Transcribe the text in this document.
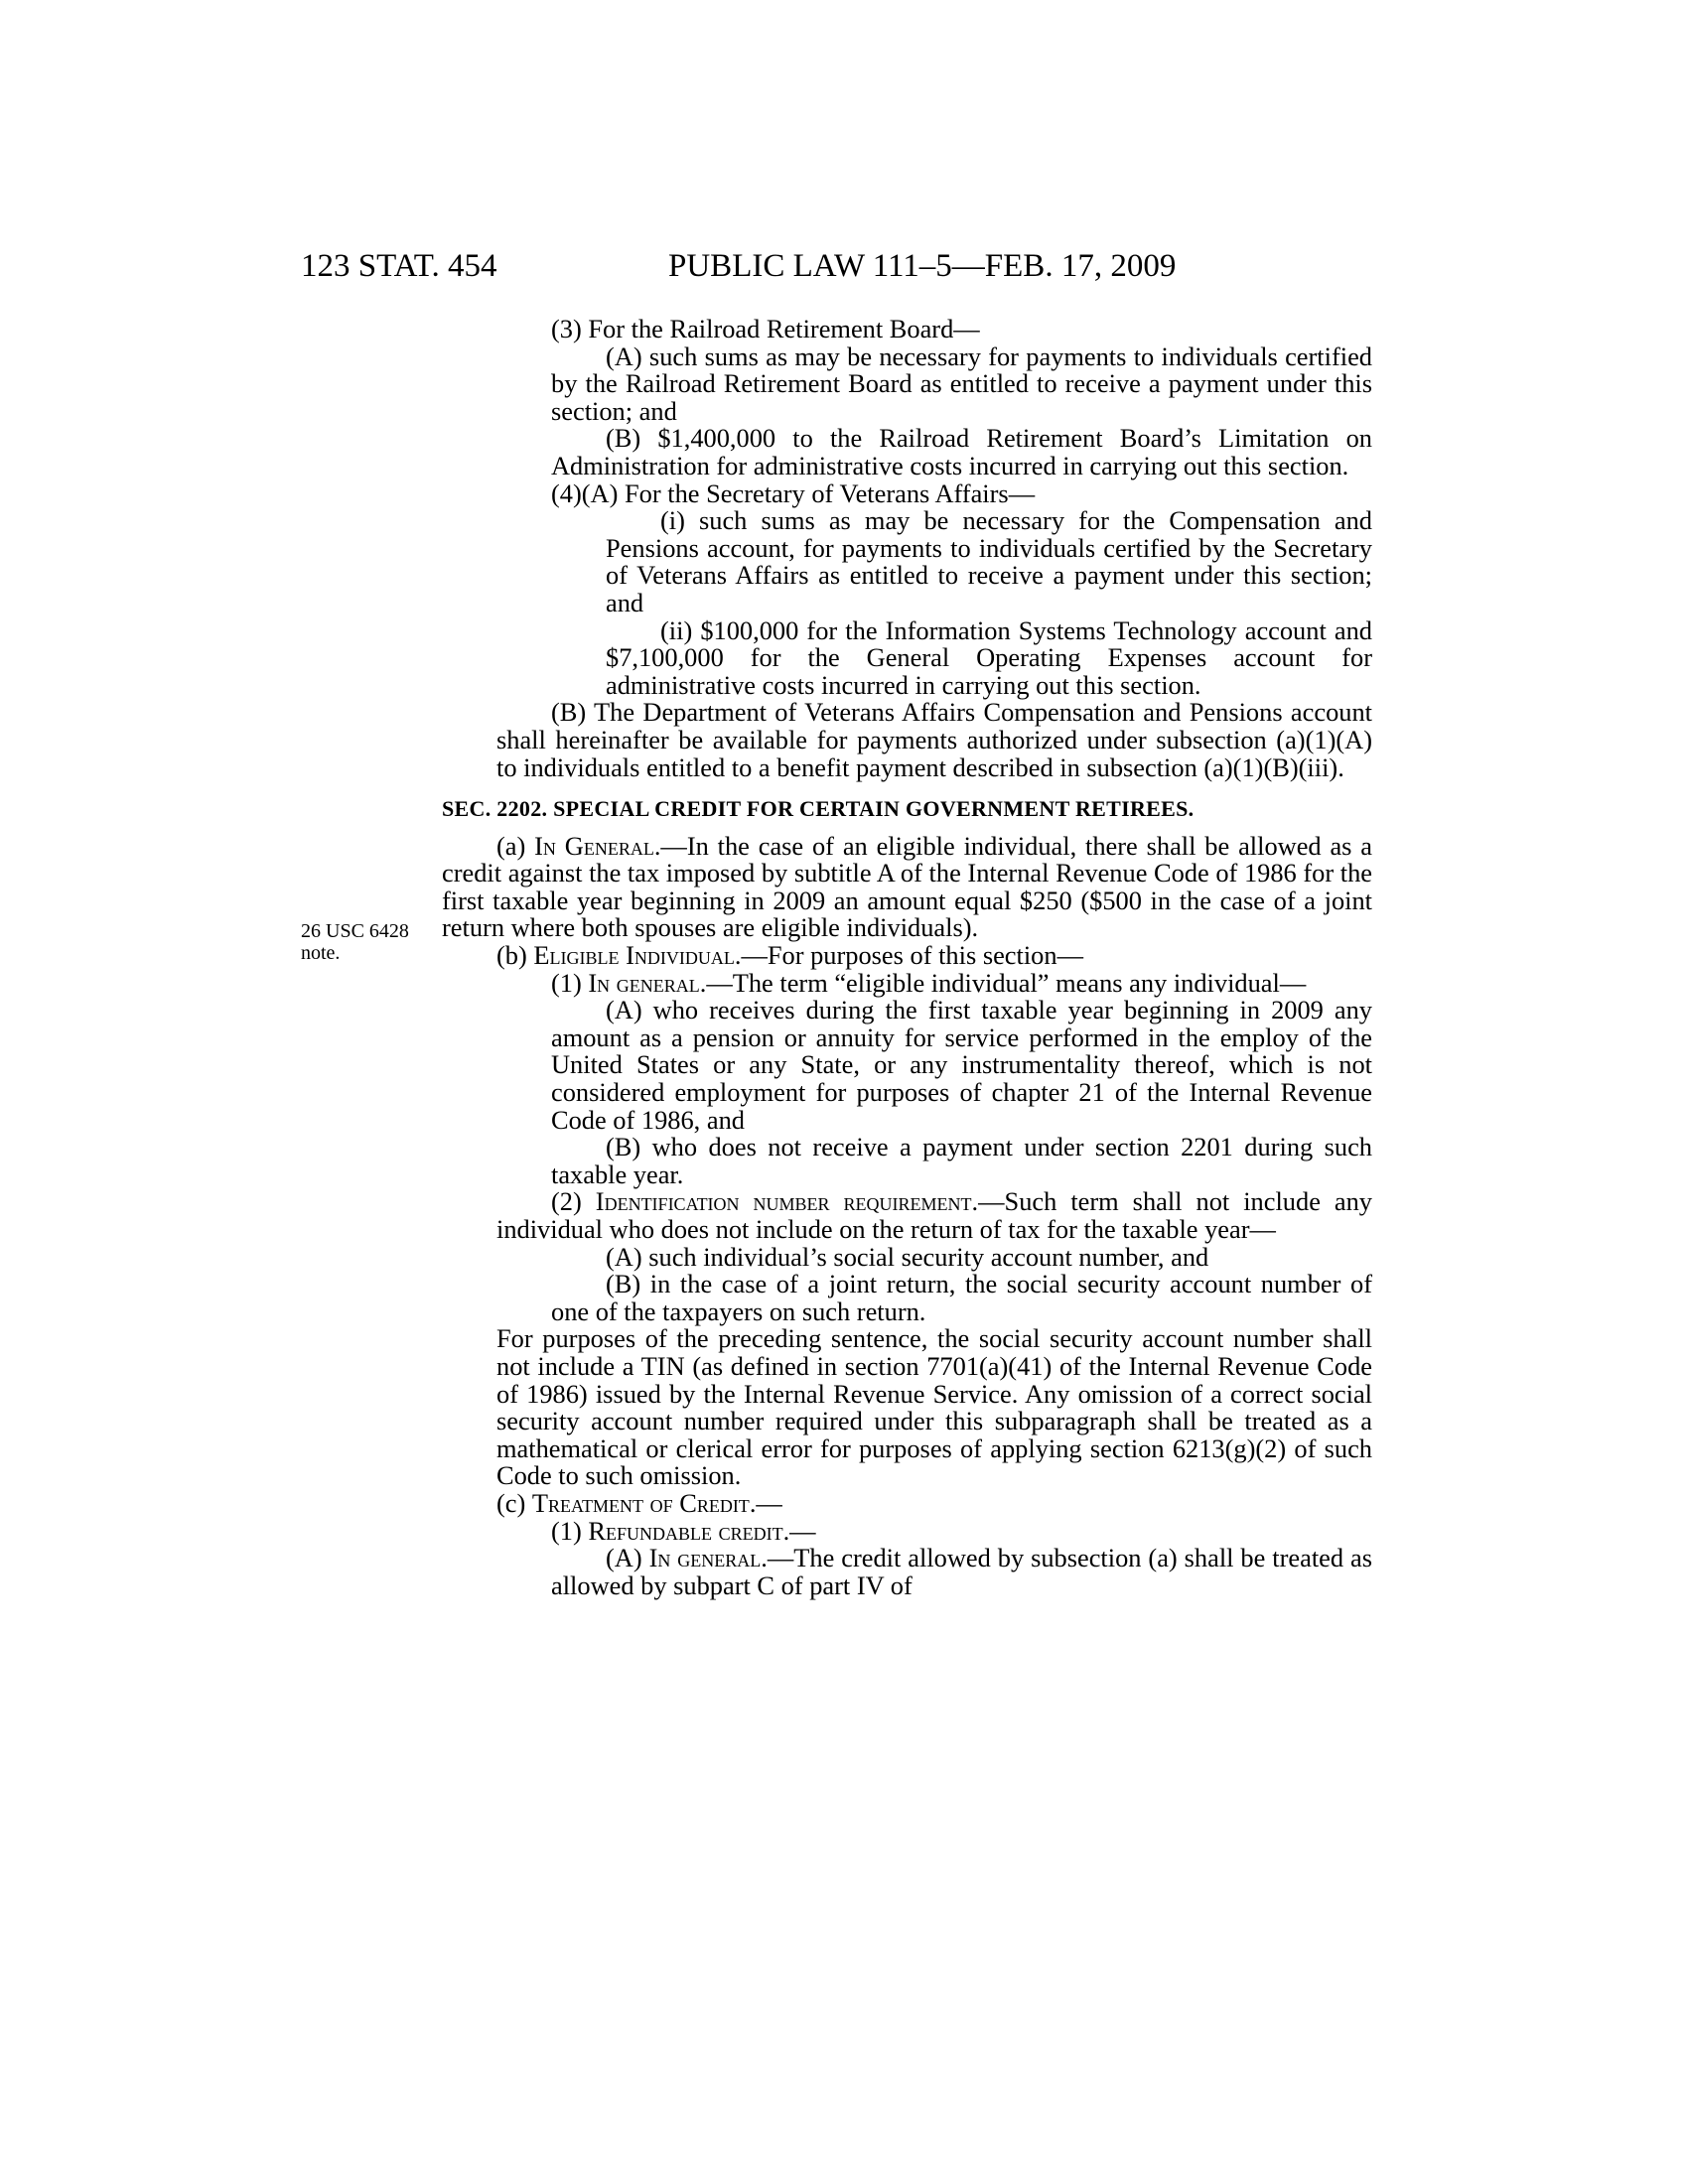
123 STAT. 454	PUBLIC LAW 111–5—FEB. 17, 2009
26 USC 6428
note.

(3) For the Railroad Retirement Board—

(A) such sums as may be necessary for payments to individuals certified by the Railroad Retirement Board as entitled to receive a payment under this section; and

(B) $1,400,000 to the Railroad Retirement Board’s Limitation on Administration for administrative costs incurred in carrying out this section.

(4)(A) For the Secretary of Veterans Affairs—

(i) such sums as may be necessary for the Compensation and Pensions account, for payments to individuals certified by the Secretary of Veterans Affairs as entitled to receive a payment under this section; and

(ii) $100,000 for the Information Systems Technology account and $7,100,000 for the General Operating Expenses account for administrative costs incurred in carrying out this section.

(B) The Department of Veterans Affairs Compensation and Pensions account shall hereinafter be available for payments authorized under subsection (a)(1)(A) to individuals entitled to a benefit payment described in subsection (a)(1)(B)(iii).

SEC. 2202. SPECIAL CREDIT FOR CERTAIN GOVERNMENT RETIREES.

(a) In General.—In the case of an eligible individual, there shall be allowed as a credit against the tax imposed by subtitle A of the Internal Revenue Code of 1986 for the first taxable year beginning in 2009 an amount equal $250 ($500 in the case of a joint return where both spouses are eligible individuals).

(b) Eligible Individual.—For purposes of this section—

(1) In general.—The term “eligible individual” means any individual—

(A) who receives during the first taxable year beginning in 2009 any amount as a pension or annuity for service performed in the employ of the United States or any State, or any instrumentality thereof, which is not considered employment for purposes of chapter 21 of the Internal Revenue Code of 1986, and

(B) who does not receive a payment under section 2201 during such taxable year.

(2) Identification number requirement.—Such term shall not include any individual who does not include on the return of tax for the taxable year—

(A) such individual’s social security account number, and

(B) in the case of a joint return, the social security account number of one of the taxpayers on such return.

For purposes of the preceding sentence, the social security account number shall not include a TIN (as defined in section 7701(a)(41) of the Internal Revenue Code of 1986) issued by the Internal Revenue Service. Any omission of a correct social security account number required under this subparagraph shall be treated as a mathematical or clerical error for purposes of applying section 6213(g)(2) of such Code to such omission.

(c) Treatment of Credit.—

(1) Refundable credit.—

(A) In general.—The credit allowed by subsection (a) shall be treated as allowed by subpart C of part IV of
